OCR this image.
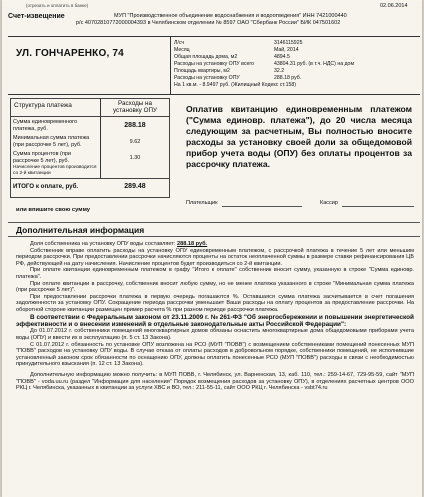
(отрезать и оплатить в банке)	02.06.2014
Счет-извещение	МУП "Производственное объединение водоснабжения и водоотведения" ИНН 7421000440
р/с 40702810772000004393 в Челябинском отделении № 8597 ОАО "Сбербанк России" БИК 047501602
УЛ. ГОНЧАРЕНКО, 74
Л/сч	3146115925
Месяц	Май, 2014
Общая площадь дома, м2	4894.5
Расходы на установку ОПУ всего	43804.31 руб. (в т.ч. НДС) на дом
Площадь квартиры, м2	32.2
Расходы на установку ОПУ	288.18 руб.
На 1 кв.м. - 8.9497 руб. (Жилищный Кодекс ст.158)
Структура платежа	Расходы на установку ОПУ
Сумма единовременного платежа, руб.	288.18
Минимальная сумма платежа (при рассрочке 5 лет), руб.	9.62
Сумма процентов (при рассрочке 5 лет), руб.	1.30
Начисление процентов производится со 2-й квитанции
ИТОГО к оплате, руб.	289.48
или впишите свою сумму
Оплатив квитанцию единовременным платежом ("Сумма единовр. платежа"), до 20 числа месяца следующим за расчетным, Вы полностью вносите расходы за установку своей доли за общедомовой прибор учета воды (ОПУ) без оплаты процентов за рассрочку платежа.
Плательщик	Кассир
Дополнительная информация

Доля собственника на установку ОПУ воды составляет: 288.18 руб.

Собственник вправе оплатить расходы на установку ОПУ единовременным платежом, с рассрочкой платежа в течение 5 лет или меньшим периодом рассрочки. При предоставлении рассрочки начисляются проценты на остаток неоплаченной суммы в размере ставки рефинансирования ЦБ РФ, действующей на дату начисления. Начисление процентов будет производиться со 2-й квитанции.

При оплате квитанции единовременным платежом в графу "Итого к оплате" собственник вносит сумму, указанную в строке "Сумма единовр. платежа".

При оплате квитанции в рассрочку, собственник вносит любую сумму, но не менее платежа указанного в строке "Минимальная сумма платежа (при рассрочке 5 лет)".

При предоставлении рассрочки платежа в первую очередь погашаются %. Оставшаяся сумма платежа засчитывается в счет погашения задолженности за установку ОПУ. Сокращение периода рассрочки уменьшает Ваши расходы на оплату процентов за предоставление рассрочки. На оборотной стороне квитанции размещен пример расчета % при разном периоде рассрочки платежа.

В соответствии с Федеральным законом от 23.11.2009 г. № 261-ФЗ "Об энергосбережении и повышении энергетической эффективности и о внесении изменений в отдельные законодательные акты Российской Федерации":

До 01.07.2012 г. собственники помещений многоквартирных домов обязаны оснастить многоквартирные дома общедомовыми приборами учета воды (ОПУ) и ввести их в эксплуатацию (п. 5 ст. 13 Закона).

С 01.07.2012 г. обязанность по установке ОПУ возложена на РСО (МУП "ПОВВ") с возмещением собственниками помещений понесенных МУП "ПОВВ" расходов на установку ОПУ воды. В случае отказа от оплаты расходов в добровольном порядке, собственники помещений, не исполнившие установленный законом срок обязанности по оснащению ОПУ, должны оплатить понесенные РСО (МУП "ПОВВ") расходы в связи с необходимостью принудительного взыскания (п. 12 ст. 13 Закона).

Дополнительную информацию можно получить: в МУП ПОВВ, г. Челябинск, ул. Варненская, 13, каб. 110, тел.: 259-14-67, 729-95-59, сайт "МУП "ПОВВ" - voda.uu.ru (раздел "Информация для населения" Порядок возмещения расходов за установку ОПУ), в отделениях расчетных центров ООО РКЦ г. Челябинска, указанных в квитанции за услуги ХВС и ВО, тел.: 211-55-11, сайт ООО РКЦ г. Челябинска - vsbt74.ru
